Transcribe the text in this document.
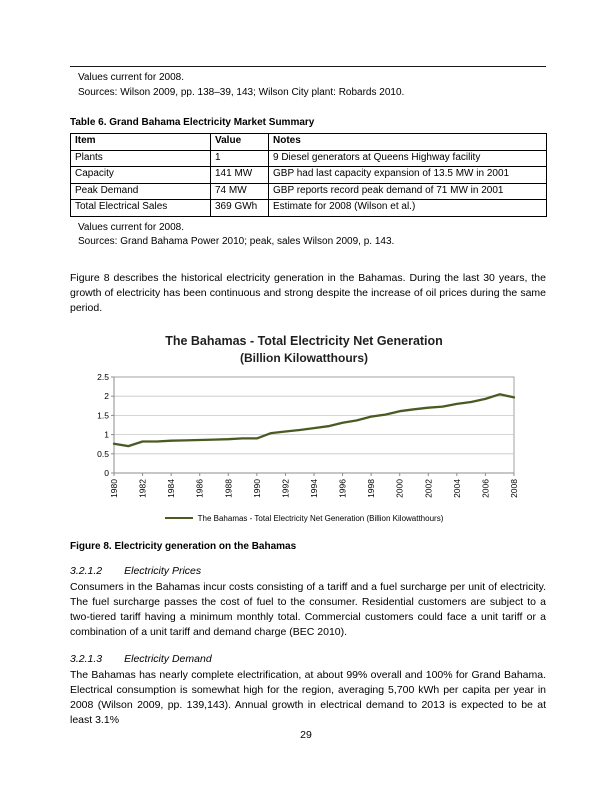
Values current for 2008.
Sources: Wilson 2009, pp. 138–39, 143; Wilson City plant: Robards 2010.
Table 6. Grand Bahama Electricity Market Summary
Item	Value	Notes
Plants	1	9 Diesel generators at Queens Highway facility
Capacity	141 MW	GBP had last capacity expansion of 13.5 MW in 2001
Peak Demand	74 MW	GBP reports record peak demand of 71 MW in 2001
Total Electrical Sales	369 GWh	Estimate for 2008 (Wilson et al.)
Values current for 2008.
Sources: Grand Bahama Power 2010; peak, sales Wilson 2009, p. 143.

Figure 8 describes the historical electricity generation in the Bahamas. During the last 30 years, the growth of electricity has been continuous and strong despite the increase of oil prices during the same period.

The Bahamas - Total Electricity Net Generation
(Billion Kilowatthours)
0
0.5
1
1.5
2
2.5
1980 1982 1984 1986 1988 1990 1992 1994 1996 1998 2000 2002 2004 2006 2008
The Bahamas - Total Electricity Net Generation (Billion Kilowatthours)
Figure 8. Electricity generation on the Bahamas
3.2.1.2 Electricity Prices

Consumers in the Bahamas incur costs consisting of a tariff and a fuel surcharge per unit of electricity. The fuel surcharge passes the cost of fuel to the consumer. Residential customers are subject to a two-tiered tariff having a minimum monthly total. Commercial customers could face a unit tariff or a combination of a unit tariff and demand charge (BEC 2010).

3.2.1.3 Electricity Demand

The Bahamas has nearly complete electrification, at about 99% overall and 100% for Grand Bahama. Electrical consumption is somewhat high for the region, averaging 5,700 kWh per capita per year in 2008 (Wilson 2009, pp. 139,143). Annual growth in electrical demand to 2013 is expected to be at least 3.1%

29
